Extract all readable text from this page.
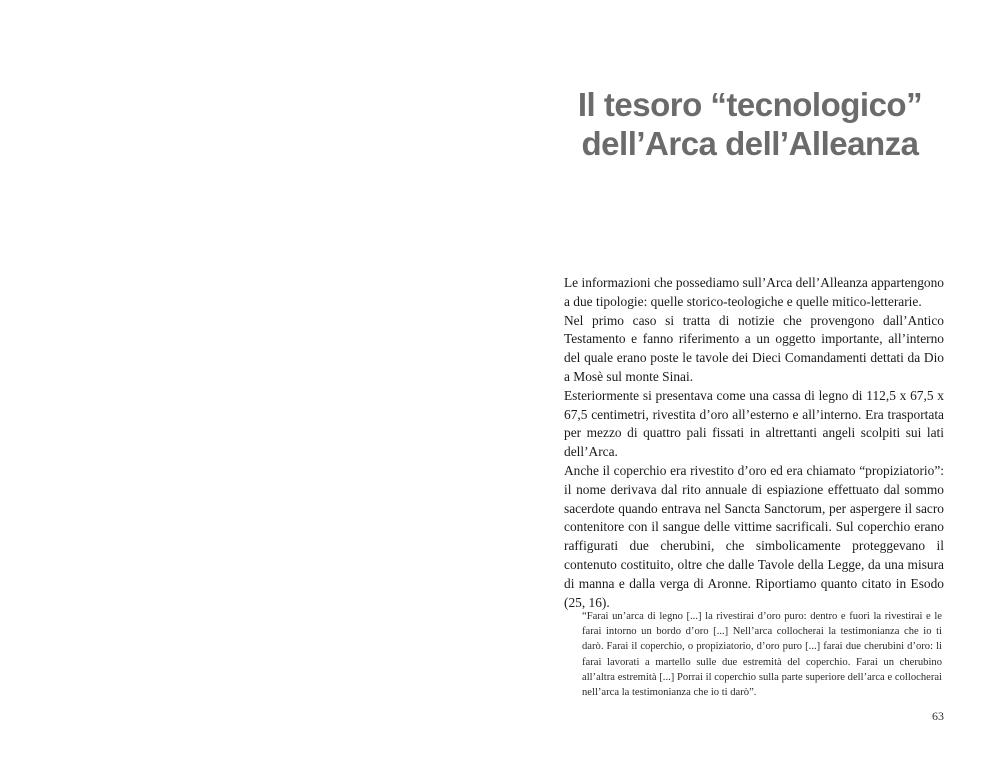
Il tesoro “tecnologico”
dell’Arca dell’Alleanza

Le informazioni che possediamo sull’Arca dell’Alleanza appartengono a due tipologie: quelle storico-teologiche e quelle mitico-letterarie.

Nel primo caso si tratta di notizie che provengono dall’Antico Testamento e fanno riferimento a un oggetto importante, all’interno del quale erano poste le tavole dei Dieci Comandamenti dettati da Dio a Mosè sul monte Sinai.

Esteriormente si presentava come una cassa di legno di 112,5 x 67,5 x 67,5 centimetri, rivestita d’oro all’esterno e all’interno. Era trasportata per mezzo di quattro pali fissati in altrettanti angeli scolpiti sui lati dell’Arca.

Anche il coperchio era rivestito d’oro ed era chiamato “propiziatorio”: il nome derivava dal rito annuale di espiazione effettuato dal sommo sacerdote quando entrava nel Sancta Sanctorum, per aspergere il sacro contenitore con il sangue delle vittime sacrificali. Sul coperchio erano raffigurati due cherubini, che simbolicamente proteggevano il contenuto costituito, oltre che dalle Tavole della Legge, da una misura di manna e dalla verga di Aronne. Riportiamo quanto citato in Esodo (25, 16).

“Farai un’arca di legno [...] la rivestirai d’oro puro: dentro e fuori la rivestirai e le farai intorno un bordo d’oro [...] Nell’arca collocherai la testimonianza che io ti darò. Farai il coperchio, o propiziatorio, d’oro puro [...] farai due cherubini d’oro: li farai lavorati a martello sulle due estremità del coperchio. Farai un cherubino all’altra estremità [...] Porrai il coperchio sulla parte superiore dell’arca e collocherai nell’arca la testimonianza che io ti darò”.
63
